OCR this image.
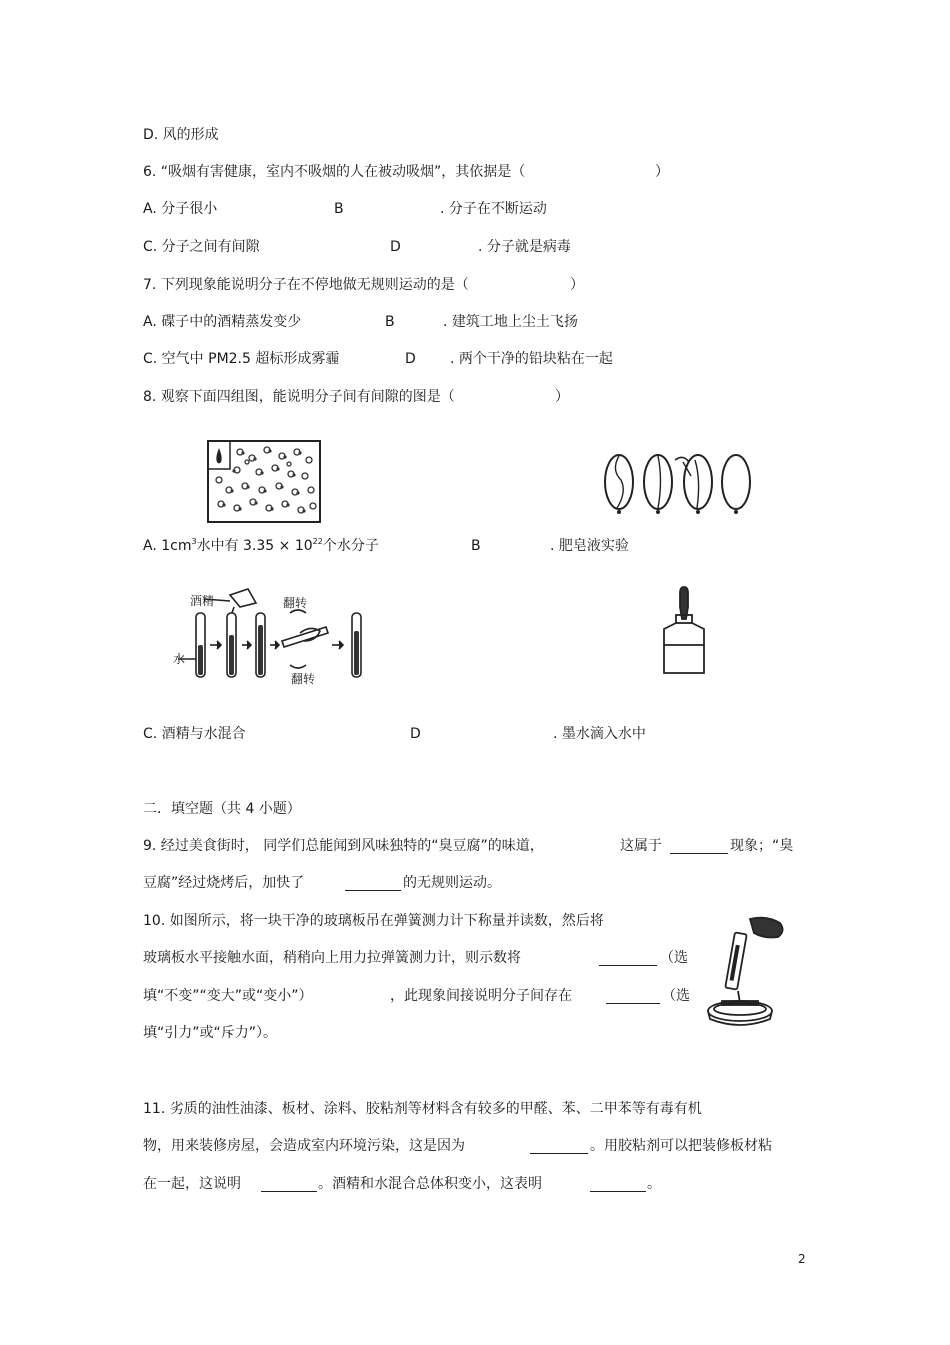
D. 风的形成
6. “吸烟有害健康，室内不吸烟的人在被动吸烟”，其依据是（	）
A. 分子很小	B	. 分子在不断运动
C. 分子之间有间隙	D	. 分子就是病毒
7. 下列现象能说明分子在不停地做无规则运动的是（	）
A. 碟子中的酒精蒸发变少	B	. 建筑工地上尘土飞扬
C. 空气中 PM2.5 超标形成雾霾	D . 两个干净的铅块粘在一起
8. 观察下面四组图，能说明分子间有间隙的图是（	）
A. $1cm^3$水中有 $3.35 \times 10^{22}$个水分子	B	. 肥皂液实验
酒精
水
翻转
翻转
C. 酒精与水混合	D	. 墨水滴入水中
二．填空题（共 4 小题）
9. 经过美食街时， 同学们总能闻到风味独特的“臭豆腐”的味道，	这属于	现象；“臭
豆腐”经过烧烤后，加快了	的无规则运动。
10. 如图所示，将一块干净的玻璃板吊在弹簧测力计下称量并读数，然后将
玻璃板水平接触水面，稍稍向上用力拉弹簧测力计，则示数将	（选
填“不变”“变大”或“变小”）	，此现象间接说明分子间存在	（选
填“引力”或“斥力”）。
11. 劣质的油性油漆、板材、涂料、胶粘剂等材料含有较多的甲醛、苯、二甲苯等有毒有机
物，用来装修房屋，会造成室内环境污染，这是因为	。用胶粘剂可以把装修板材粘
在一起，这说明	。酒精和水混合总体积变小，这表明	。
2
